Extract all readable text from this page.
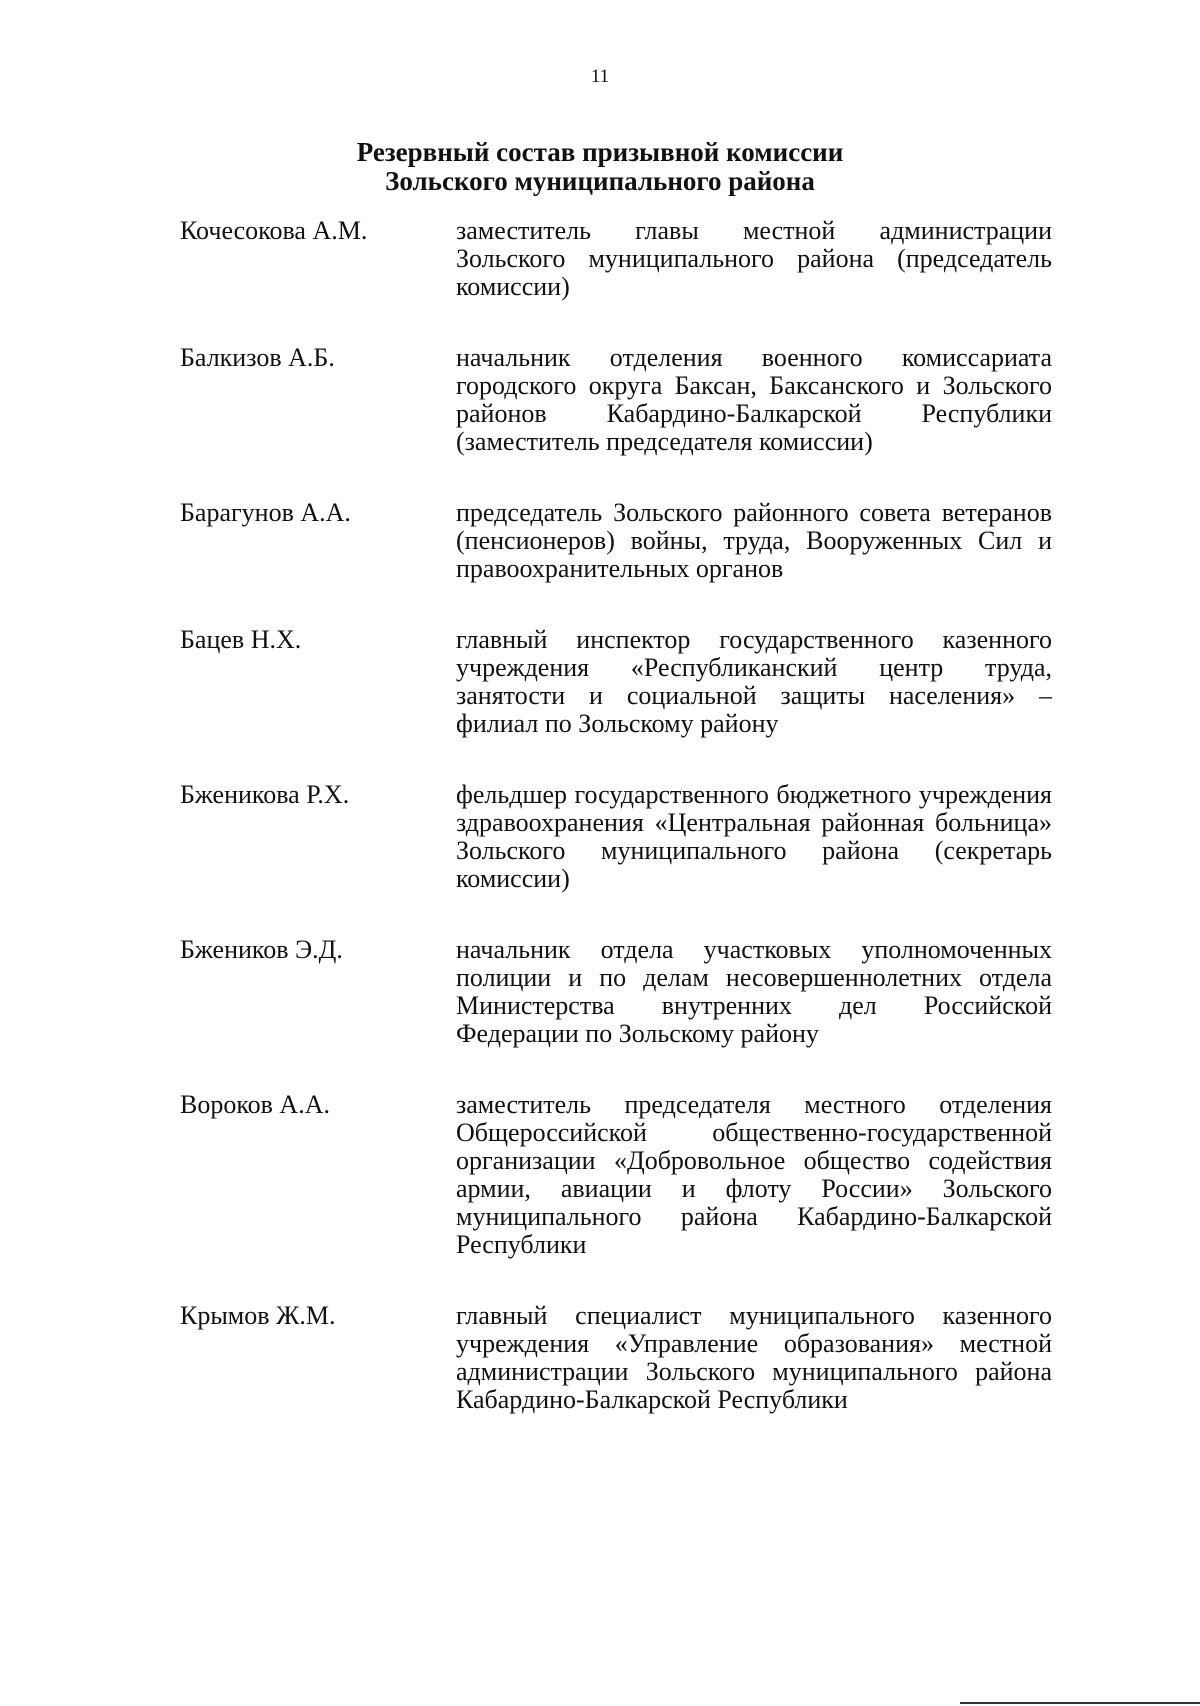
11
Резервный состав призывной комиссии
Зольского муниципального района
Кочесокова А.М.	заместитель главы местной администрации Зольского муниципального района (председатель комиссии)
Балкизов А.Б.	начальник отделения военного комиссариата городского округа Баксан, Баксанского и Зольского районов Кабардино-Балкарской Республики (заместитель председателя комиссии)
Барагунов А.А.	председатель Зольского районного совета ветеранов (пенсионеров) войны, труда, Вооруженных Сил и правоохранительных органов
Бацев Н.Х.	главный инспектор государственного казенного учреждения «Республиканский центр труда, занятости и социальной защиты населения» – филиал по Зольскому району
Бженикова Р.Х.	фельдшер государственного бюджетного учреждения здравоохранения «Центральная районная больница» Зольского муниципального района (секретарь комиссии)
Бжеников Э.Д.	начальник отдела участковых уполномоченных полиции и по делам несовершеннолетних отдела Министерства внутренних дел Российской Федерации по Зольскому району
Вороков А.А.	заместитель председателя местного отделения Общероссийской общественно-государственной организации «Добровольное общество содействия армии, авиации и флоту России» Зольского муниципального района Кабардино-Балкарской Республики
Крымов Ж.М.	главный специалист муниципального казенного учреждения «Управление образования» местной администрации Зольского муниципального района Кабардино-Балкарской Республики
